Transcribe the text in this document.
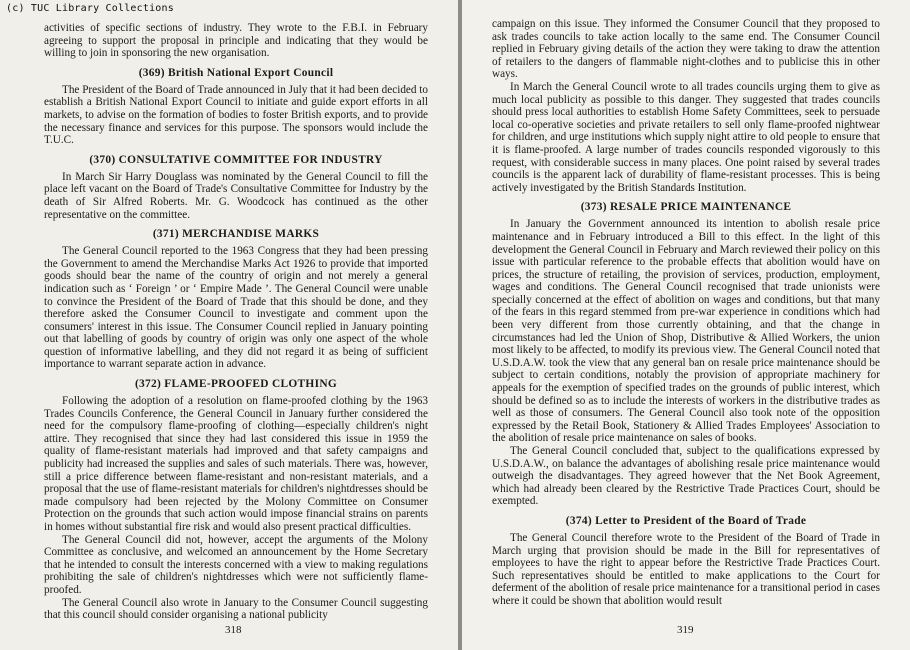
(c) TUC Library Collections

activities of specific sections of industry. They wrote to the F.B.I. in February agreeing to support the proposal in principle and indicating that they would be willing to join in sponsoring the new organisation.

(369) British National Export Council

The President of the Board of Trade announced in July that it had been decided to establish a British National Export Council to initiate and guide export efforts in all markets, to advise on the formation of bodies to foster British exports, and to provide the necessary finance and services for this purpose. The sponsors would include the T.U.C.

(370) CONSULTATIVE COMMITTEE FOR INDUSTRY

In March Sir Harry Douglass was nominated by the General Council to fill the place left vacant on the Board of Trade's Consultative Committee for Industry by the death of Sir Alfred Roberts. Mr. G. Woodcock has continued as the other representative on the committee.

(371) MERCHANDISE MARKS

The General Council reported to the 1963 Congress that they had been pressing the Government to amend the Merchandise Marks Act 1926 to provide that imported goods should bear the name of the country of origin and not merely a general indication such as ‘ Foreign ’ or ‘ Empire Made ’. The General Council were unable to convince the President of the Board of Trade that this should be done, and they therefore asked the Consumer Council to investigate and comment upon the consumers' interest in this issue. The Consumer Council replied in January pointing out that labelling of goods by country of origin was only one aspect of the whole question of informative labelling, and they did not regard it as being of sufficient importance to warrant separate action in advance.

(372) FLAME-PROOFED CLOTHING

Following the adoption of a resolution on flame-proofed clothing by the 1963 Trades Councils Conference, the General Council in January further considered the need for the compulsory flame-proofing of clothing—especially children's night attire. They recognised that since they had last considered this issue in 1959 the quality of flame-resistant materials had improved and that safety campaigns and publicity had increased the supplies and sales of such materials. There was, however, still a price difference between flame-resistant and non-resistant materials, and a proposal that the use of flame-resistant materials for children's nightdresses should be made compulsory had been rejected by the Molony Committee on Consumer Protection on the grounds that such action would impose financial strains on parents in homes without substantial fire risk and would also present practical difficulties.

The General Council did not, however, accept the arguments of the Molony Committee as conclusive, and welcomed an announcement by the Home Secretary that he intended to consult the interests concerned with a view to making regulations prohibiting the sale of children's nightdresses which were not sufficiently flame-proofed.

The General Council also wrote in January to the Consumer Council suggesting that this council should consider organising a national publicity

318

campaign on this issue. They informed the Consumer Council that they proposed to ask trades councils to take action locally to the same end. The Consumer Council replied in February giving details of the action they were taking to draw the attention of retailers to the dangers of flammable night-clothes and to publicise this in other ways.

In March the General Council wrote to all trades councils urging them to give as much local publicity as possible to this danger. They suggested that trades councils should press local authorities to establish Home Safety Committees, seek to persuade local co-operative societies and private retailers to sell only flame-proofed nightwear for children, and urge institutions which supply night attire to old people to ensure that it is flame-proofed. A large number of trades councils responded vigorously to this request, with considerable success in many places. One point raised by several trades councils is the apparent lack of durability of flame-resistant processes. This is being actively investigated by the British Standards Institution.

(373) RESALE PRICE MAINTENANCE

In January the Government announced its intention to abolish resale price maintenance and in February introduced a Bill to this effect. In the light of this development the General Council in February and March reviewed their policy on this issue with particular reference to the probable effects that abolition would have on prices, the structure of retailing, the provision of services, production, employment, wages and conditions. The General Council recognised that trade unionists were specially concerned at the effect of abolition on wages and conditions, but that many of the fears in this regard stemmed from pre-war experience in conditions which had been very different from those currently obtaining, and that the change in circumstances had led the Union of Shop, Distributive & Allied Workers, the union most likely to be affected, to modify its previous view. The General Council noted that U.S.D.A.W. took the view that any general ban on resale price maintenance should be subject to certain conditions, notably the provision of appropriate machinery for appeals for the exemption of specified trades on the grounds of public interest, which should be defined so as to include the interests of workers in the distributive trades as well as those of consumers. The General Council also took note of the opposition expressed by the Retail Book, Stationery & Allied Trades Employees' Association to the abolition of resale price maintenance on sales of books.

The General Council concluded that, subject to the qualifications expressed by U.S.D.A.W., on balance the advantages of abolishing resale price maintenance would outweigh the disadvantages. They agreed however that the Net Book Agreement, which had already been cleared by the Restrictive Trade Practices Court, should be exempted.

(374) Letter to President of the Board of Trade

The General Council therefore wrote to the President of the Board of Trade in March urging that provision should be made in the Bill for representatives of employees to have the right to appear before the Restrictive Trade Practices Court. Such representatives should be entitled to make applications to the Court for deferment of the abolition of resale price maintenance for a transitional period in cases where it could be shown that abolition would result

319
